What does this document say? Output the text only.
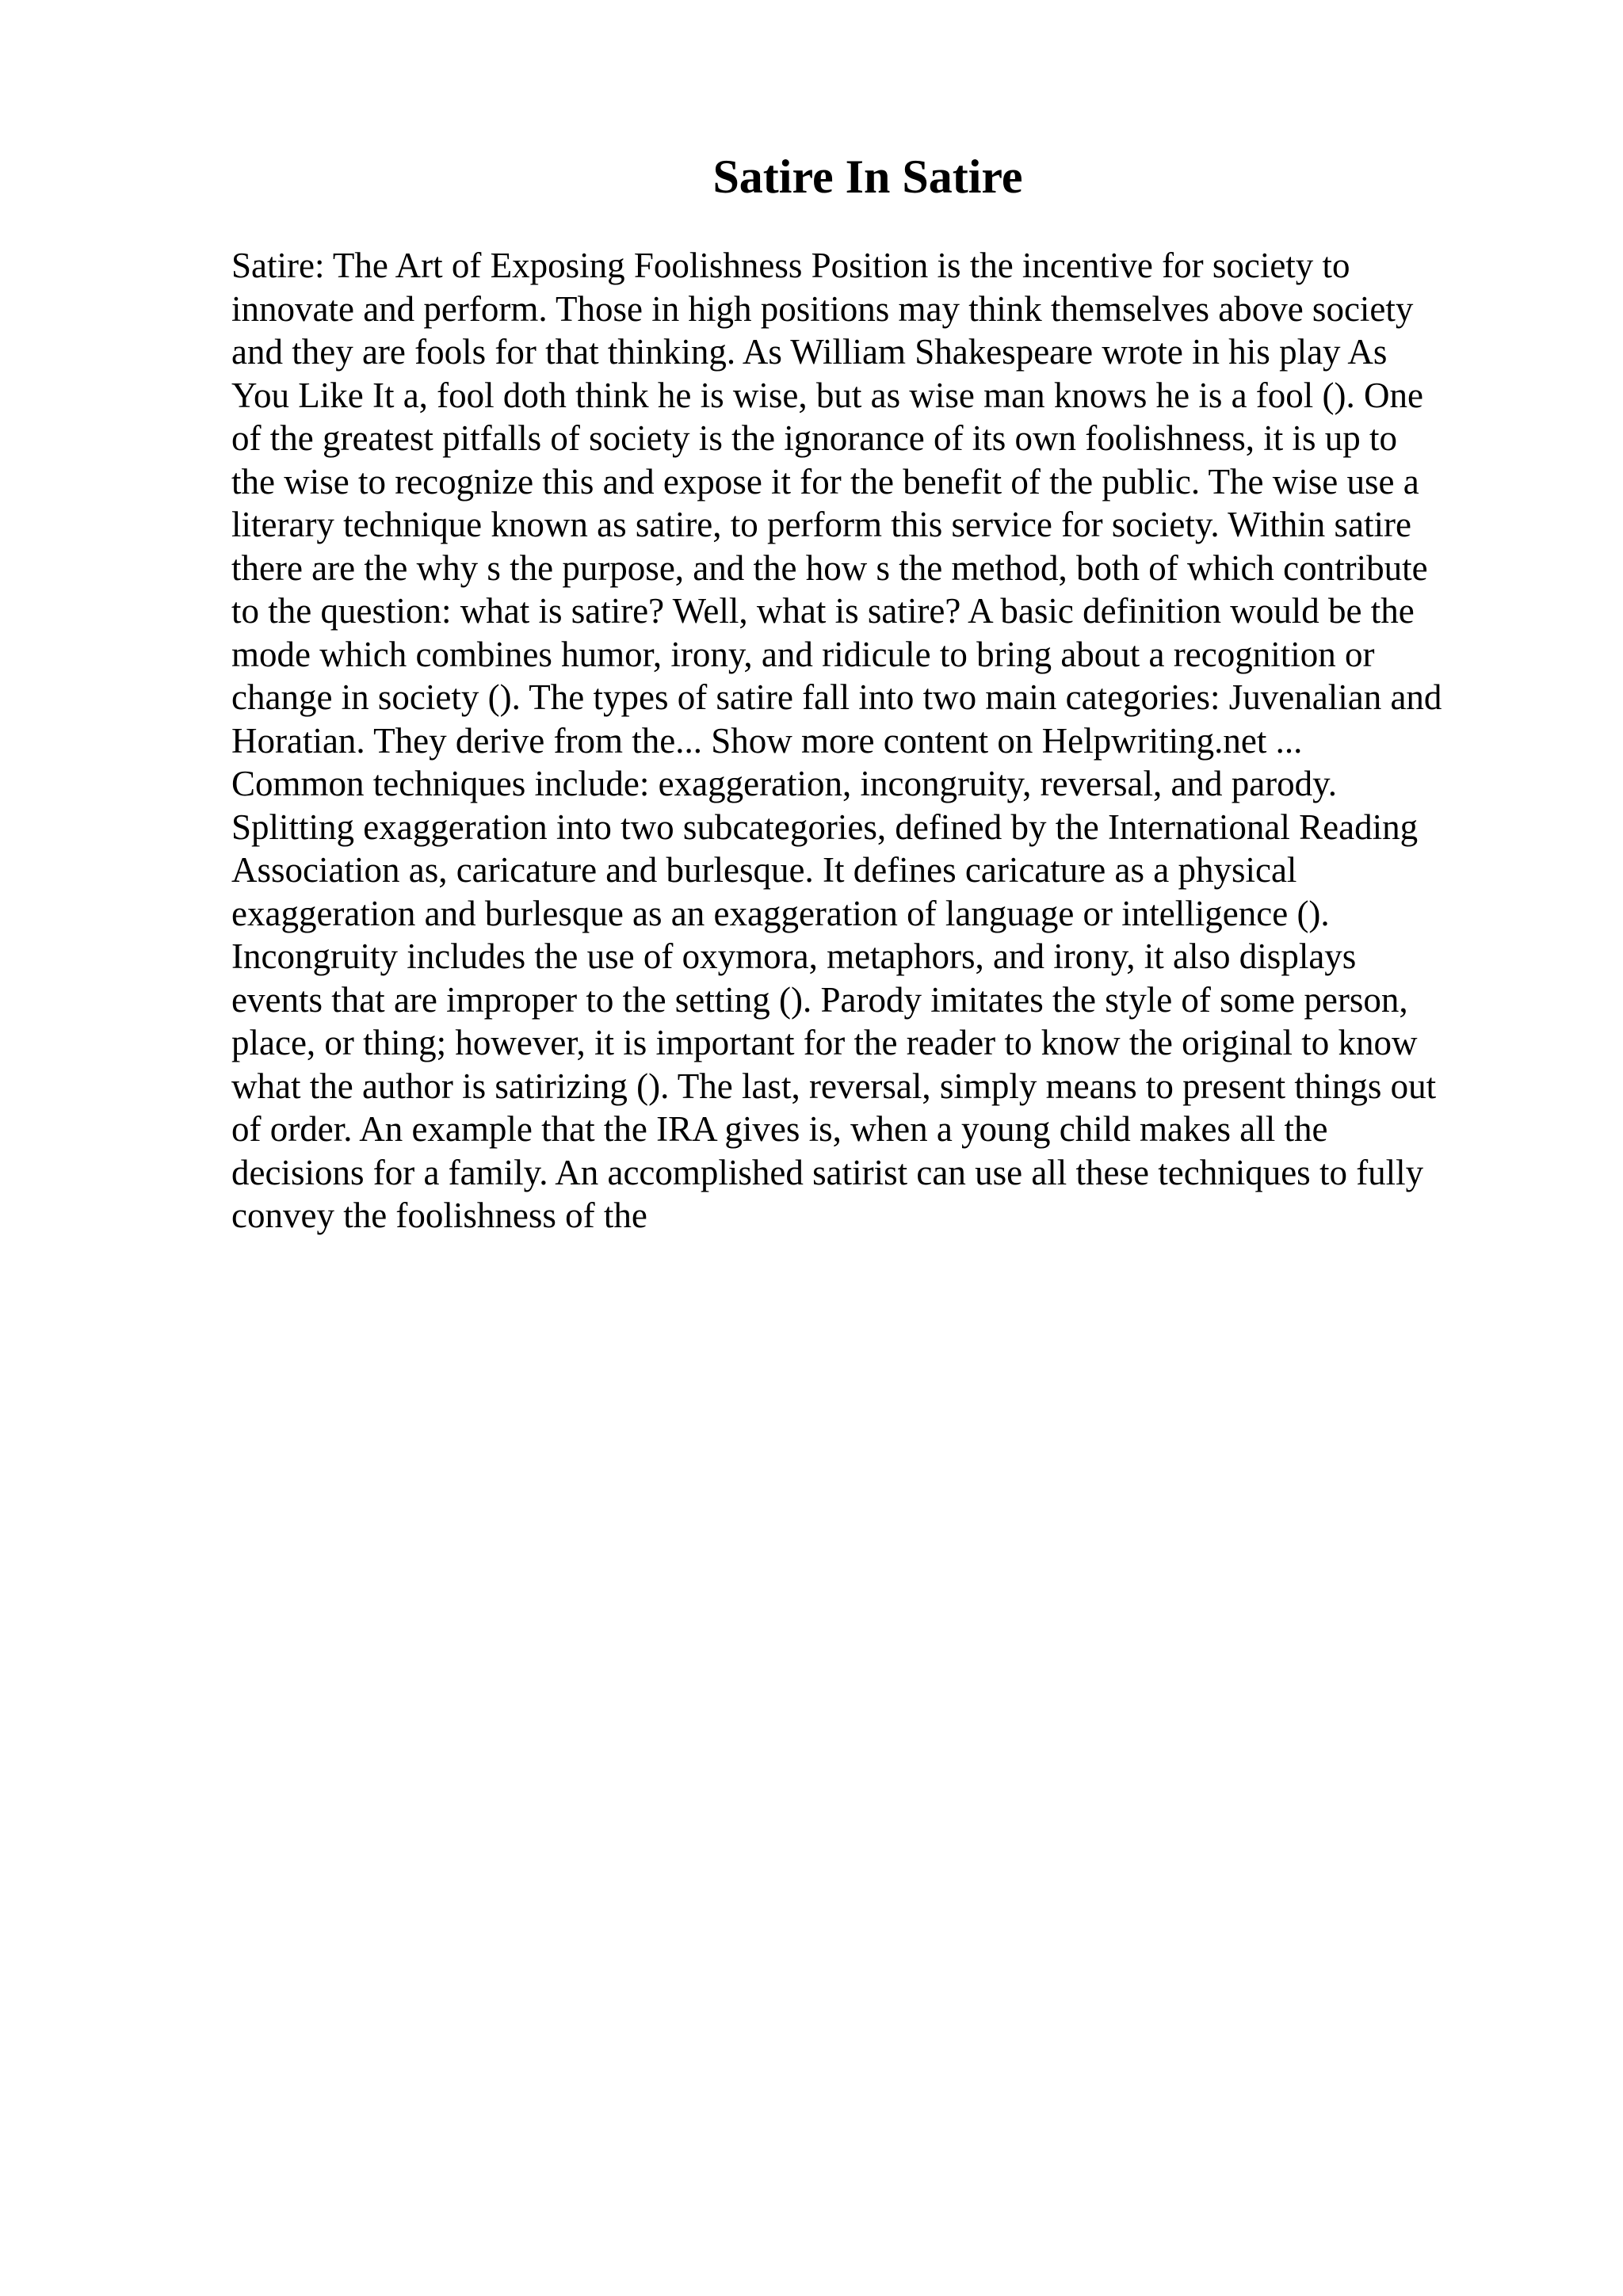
Satire In Satire
Satire: The Art of Exposing Foolishness Position is the incentive for society to
innovate and perform. Those in high positions may think themselves above society
and they are fools for that thinking. As William Shakespeare wrote in his play As
You Like It a, fool doth think he is wise, but as wise man knows he is a fool (). One
of the greatest pitfalls of society is the ignorance of its own foolishness, it is up to
the wise to recognize this and expose it for the benefit of the public. The wise use a
literary technique known as satire, to perform this service for society. Within satire
there are the why s the purpose, and the how s the method, both of which contribute
to the question: what is satire? Well, what is satire? A basic definition would be the
mode which combines humor, irony, and ridicule to bring about a recognition or
change in society (). The types of satire fall into two main categories: Juvenalian and
Horatian. They derive from the... Show more content on Helpwriting.net ...
Common techniques include: exaggeration, incongruity, reversal, and parody.
Splitting exaggeration into two subcategories, defined by the International Reading
Association as, caricature and burlesque. It defines caricature as a physical
exaggeration and burlesque as an exaggeration of language or intelligence ().
Incongruity includes the use of oxymora, metaphors, and irony, it also displays
events that are improper to the setting (). Parody imitates the style of some person,
place, or thing; however, it is important for the reader to know the original to know
what the author is satirizing (). The last, reversal, simply means to present things out
of order. An example that the IRA gives is, when a young child makes all the
decisions for a family. An accomplished satirist can use all these techniques to fully
convey the foolishness of the
